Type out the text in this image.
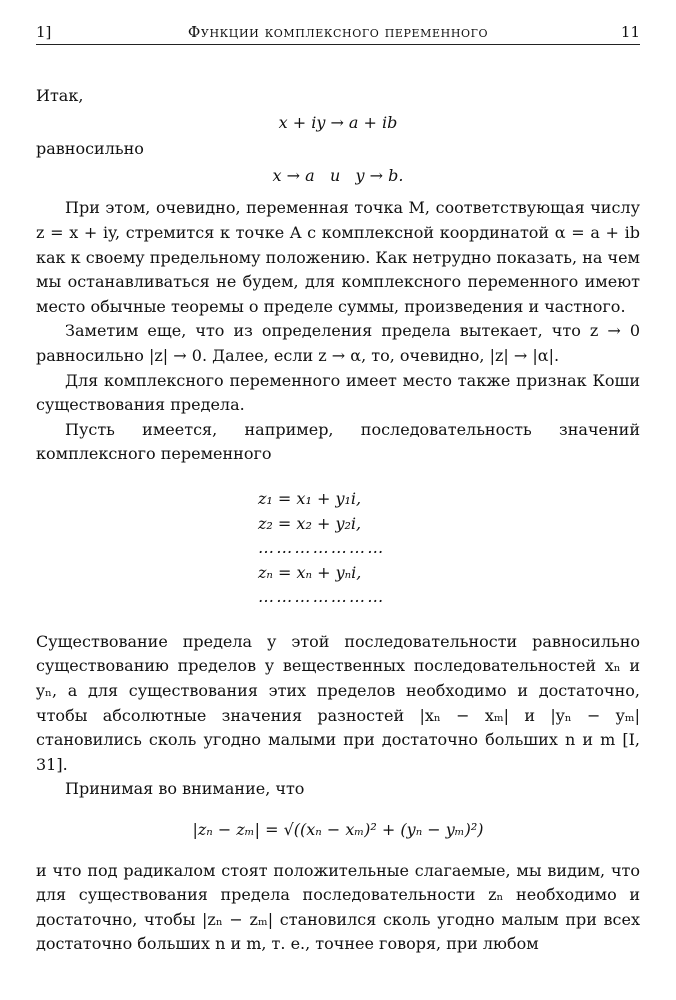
1]	Функции комплексного переменного	11

Итак,

x + iy → a + ib

равносильно

x → a   и   y → b.

При этом, очевидно, переменная точка M, соответствующая числу z = x + iy, стремится к точке A с комплексной координатой α = a + ib как к своему предельному положению. Как нетрудно показать, на чем мы останавливаться не будем, для комплексного переменного имеют место обычные теоремы о пределе суммы, произведения и частного.

Заметим еще, что из определения предела вытекает, что z → 0 равносильно |z| → 0. Далее, если z → α, то, очевидно, |z| → |α|.

Для комплексного переменного имеет место также признак Коши существования предела.

Пусть имеется, например, последовательность значений комплексного переменного

z₁ = x₁ + y₁i,
z₂ = x₂ + y₂i,
…………………
zₙ = xₙ + yₙi,
…………………

Существование предела у этой последовательности равносильно существованию пределов у вещественных последовательностей xₙ и yₙ, а для существования этих пределов необходимо и достаточно, чтобы абсолютные значения разностей |xₙ − xₘ| и |yₙ − yₘ| становились сколь угодно малыми при достаточно больших n и m [I, 31].

Принимая во внимание, что

|zₙ − zₘ| = √((xₙ − xₘ)² + (yₙ − yₘ)²)

и что под радикалом стоят положительные слагаемые, мы видим, что для существования предела последовательности zₙ необходимо и достаточно, чтобы |zₙ − zₘ| становился сколь угодно малым при всех достаточно больших n и m, т. е., точнее говоря, при любом
